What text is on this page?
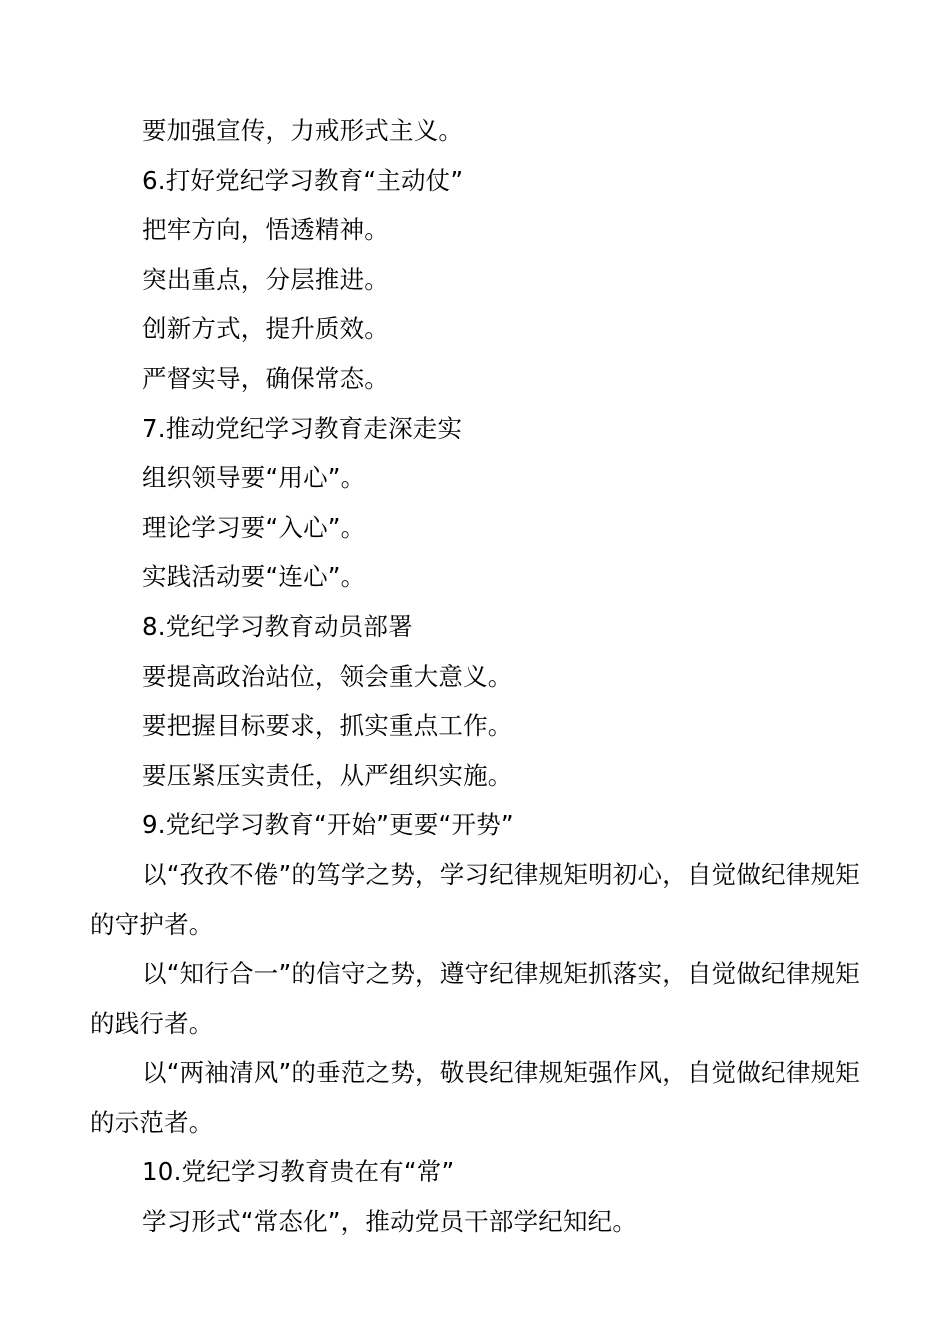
要加强宣传，力戒形式主义。
6.打好党纪学习教育“主动仗”
把牢方向，悟透精神。
突出重点，分层推进。
创新方式，提升质效。
严督实导，确保常态。
7.推动党纪学习教育走深走实
组织领导要“用心”。
理论学习要“入心”。
实践活动要“连心”。
8.党纪学习教育动员部署
要提高政治站位，领会重大意义。
要把握目标要求，抓实重点工作。
要压紧压实责任，从严组织实施。
9.党纪学习教育“开始”更要“开势”
以“孜孜不倦”的笃学之势，学习纪律规矩明初心，自觉做纪律规矩的守护者。
以“知行合一”的信守之势，遵守纪律规矩抓落实，自觉做纪律规矩的践行者。
以“两袖清风”的垂范之势，敬畏纪律规矩强作风，自觉做纪律规矩的示范者。
10.党纪学习教育贵在有“常”
学习形式“常态化”，推动党员干部学纪知纪。
